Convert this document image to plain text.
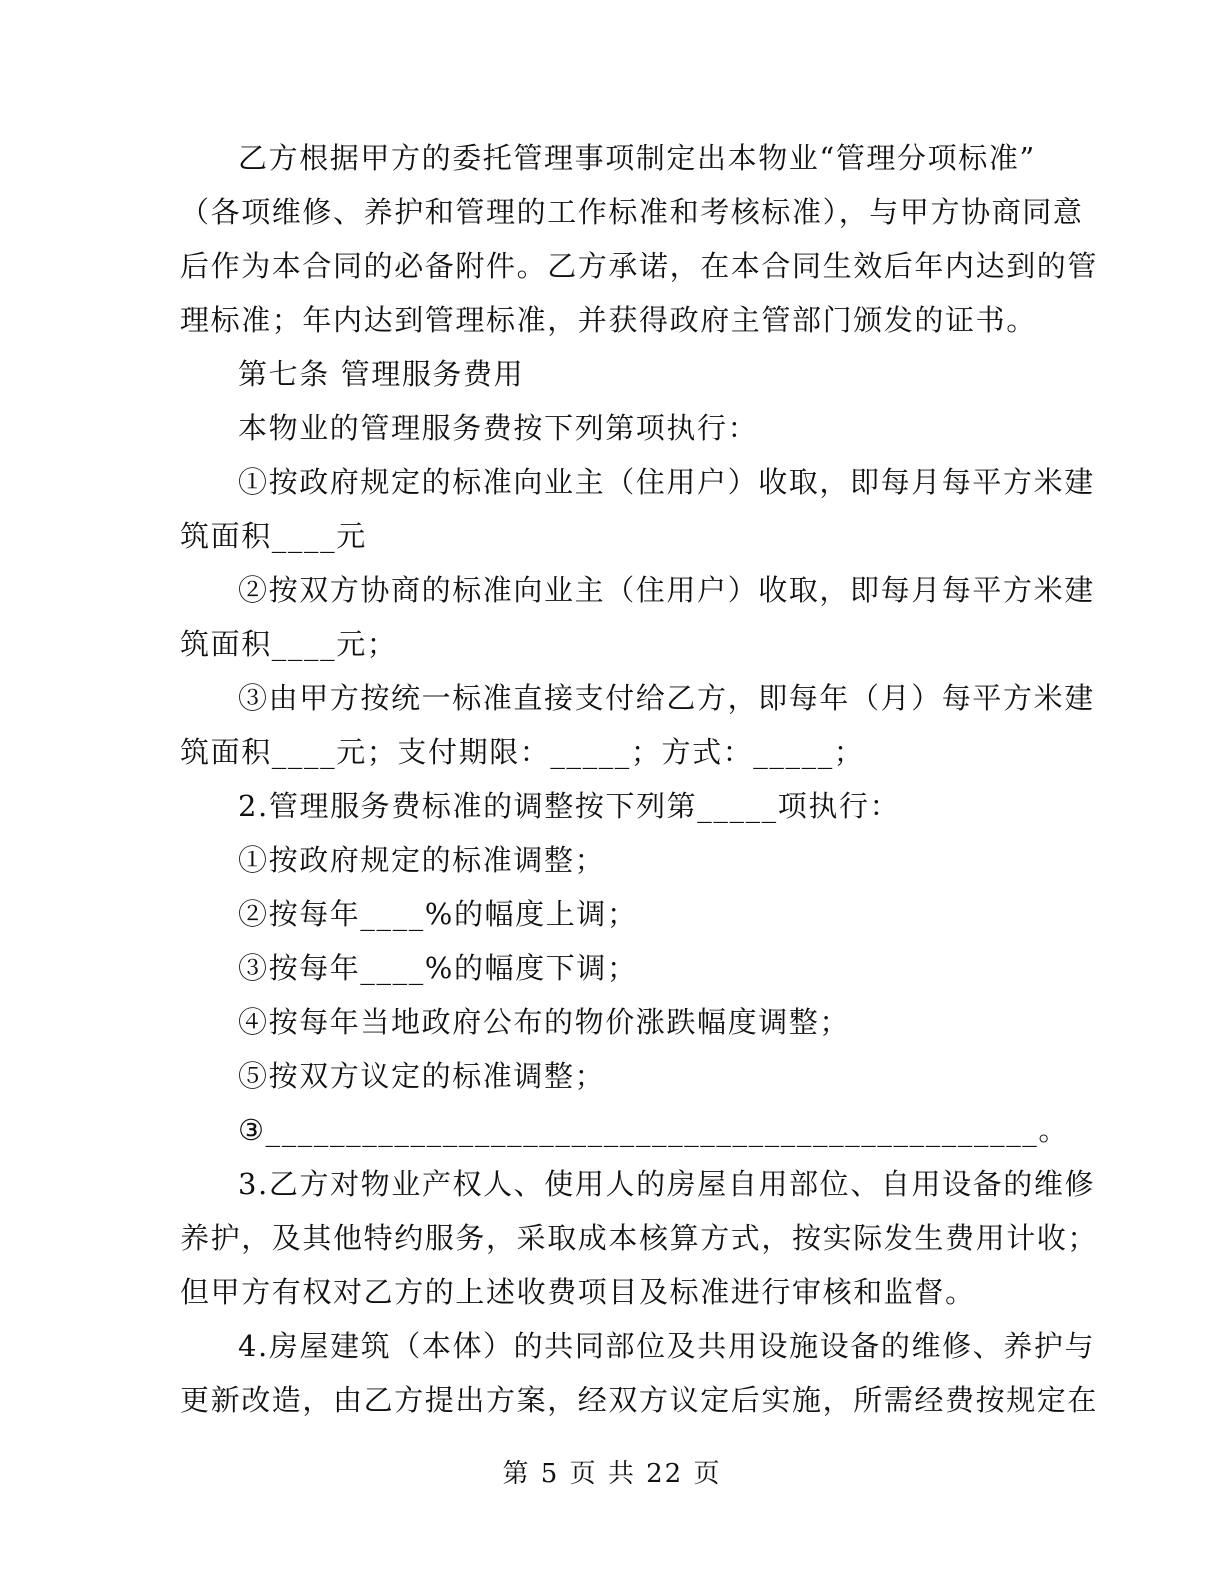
乙方根据甲方的委托管理事项制定出本物业“管理分项标准”
（各项维修、养护和管理的工作标准和考核标准），与甲方协商同意
后作为本合同的必备附件。乙方承诺，在本合同生效后年内达到的管
理标准；年内达到管理标准，并获得政府主管部门颁发的证书。
第七条 管理服务费用
本物业的管理服务费按下列第项执行：
①按政府规定的标准向业主（住用户）收取，即每月每平方米建
筑面积____元
②按双方协商的标准向业主（住用户）收取，即每月每平方米建
筑面积____元；
③由甲方按统一标准直接支付给乙方，即每年（月）每平方米建
筑面积____元；支付期限：_____；方式：_____；
2.管理服务费标准的调整按下列第_____项执行：
①按政府规定的标准调整；
②按每年____%的幅度上调；
③按每年____%的幅度下调；
④按每年当地政府公布的物价涨跌幅度调整；
⑤按双方议定的标准调整；
③________________________________________________。
3.乙方对物业产权人、使用人的房屋自用部位、自用设备的维修
养护，及其他特约服务，采取成本核算方式，按实际发生费用计收；
但甲方有权对乙方的上述收费项目及标准进行审核和监督。
4.房屋建筑（本体）的共同部位及共用设施设备的维修、养护与
更新改造，由乙方提出方案，经双方议定后实施，所需经费按规定在
第 5 页 共 22 页
